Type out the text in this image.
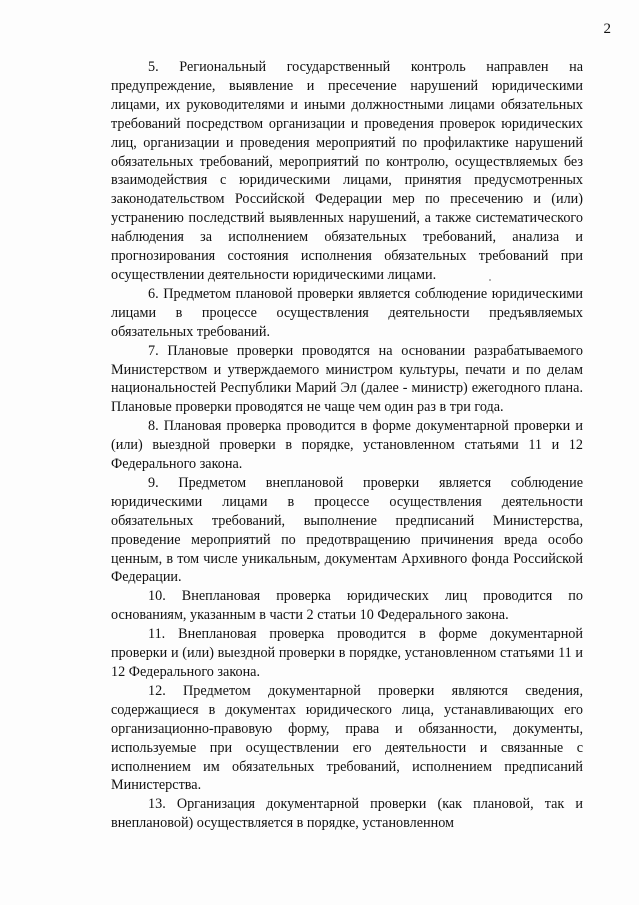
2

5. Региональный государственный контроль направлен на предупреждение, выявление и пресечение нарушений юридическими лицами, их руководителями и иными должностными лицами обязательных требований посредством организации и проведения проверок юридических лиц, организации и проведения мероприятий по профилактике нарушений обязательных требований, мероприятий по контролю, осуществляемых без взаимодействия с юридическими лицами, принятия предусмотренных законодательством Российской Федерации мер по пресечению и (или) устранению последствий выявленных нарушений, а также систематического наблюдения за исполнением обязательных требований, анализа и прогнозирования состояния исполнения обязательных требований при осуществлении деятельности юридическими лицами.

6. Предметом плановой проверки является соблюдение юридическими лицами в процессе осуществления деятельности предъявляемых обязательных требований.

7. Плановые проверки проводятся на основании разрабатываемого Министерством и утверждаемого министром культуры, печати и по делам национальностей Республики Марий Эл (далее - министр) ежегодного плана. Плановые проверки проводятся не чаще чем один раз в три года.

8. Плановая проверка проводится в форме документарной проверки и (или) выездной проверки в порядке, установленном статьями 11 и 12 Федерального закона.

9. Предметом внеплановой проверки является соблюдение юридическими лицами в процессе осуществления деятельности обязательных требований, выполнение предписаний Министерства, проведение мероприятий по предотвращению причинения вреда особо ценным, в том числе уникальным, документам Архивного фонда Российской Федерации.

10. Внеплановая проверка юридических лиц проводится по основаниям, указанным в части 2 статьи 10 Федерального закона.

11. Внеплановая проверка проводится в форме документарной проверки и (или) выездной проверки в порядке, установленном статьями 11 и 12 Федерального закона.

12. Предметом документарной проверки являются сведения, содержащиеся в документах юридического лица, устанавливающих его организационно-правовую форму, права и обязанности, документы, используемые при осуществлении его деятельности и связанные с исполнением им обязательных требований, исполнением предписаний Министерства.

13. Организация документарной проверки (как плановой, так и внеплановой) осуществляется в порядке, установленном
